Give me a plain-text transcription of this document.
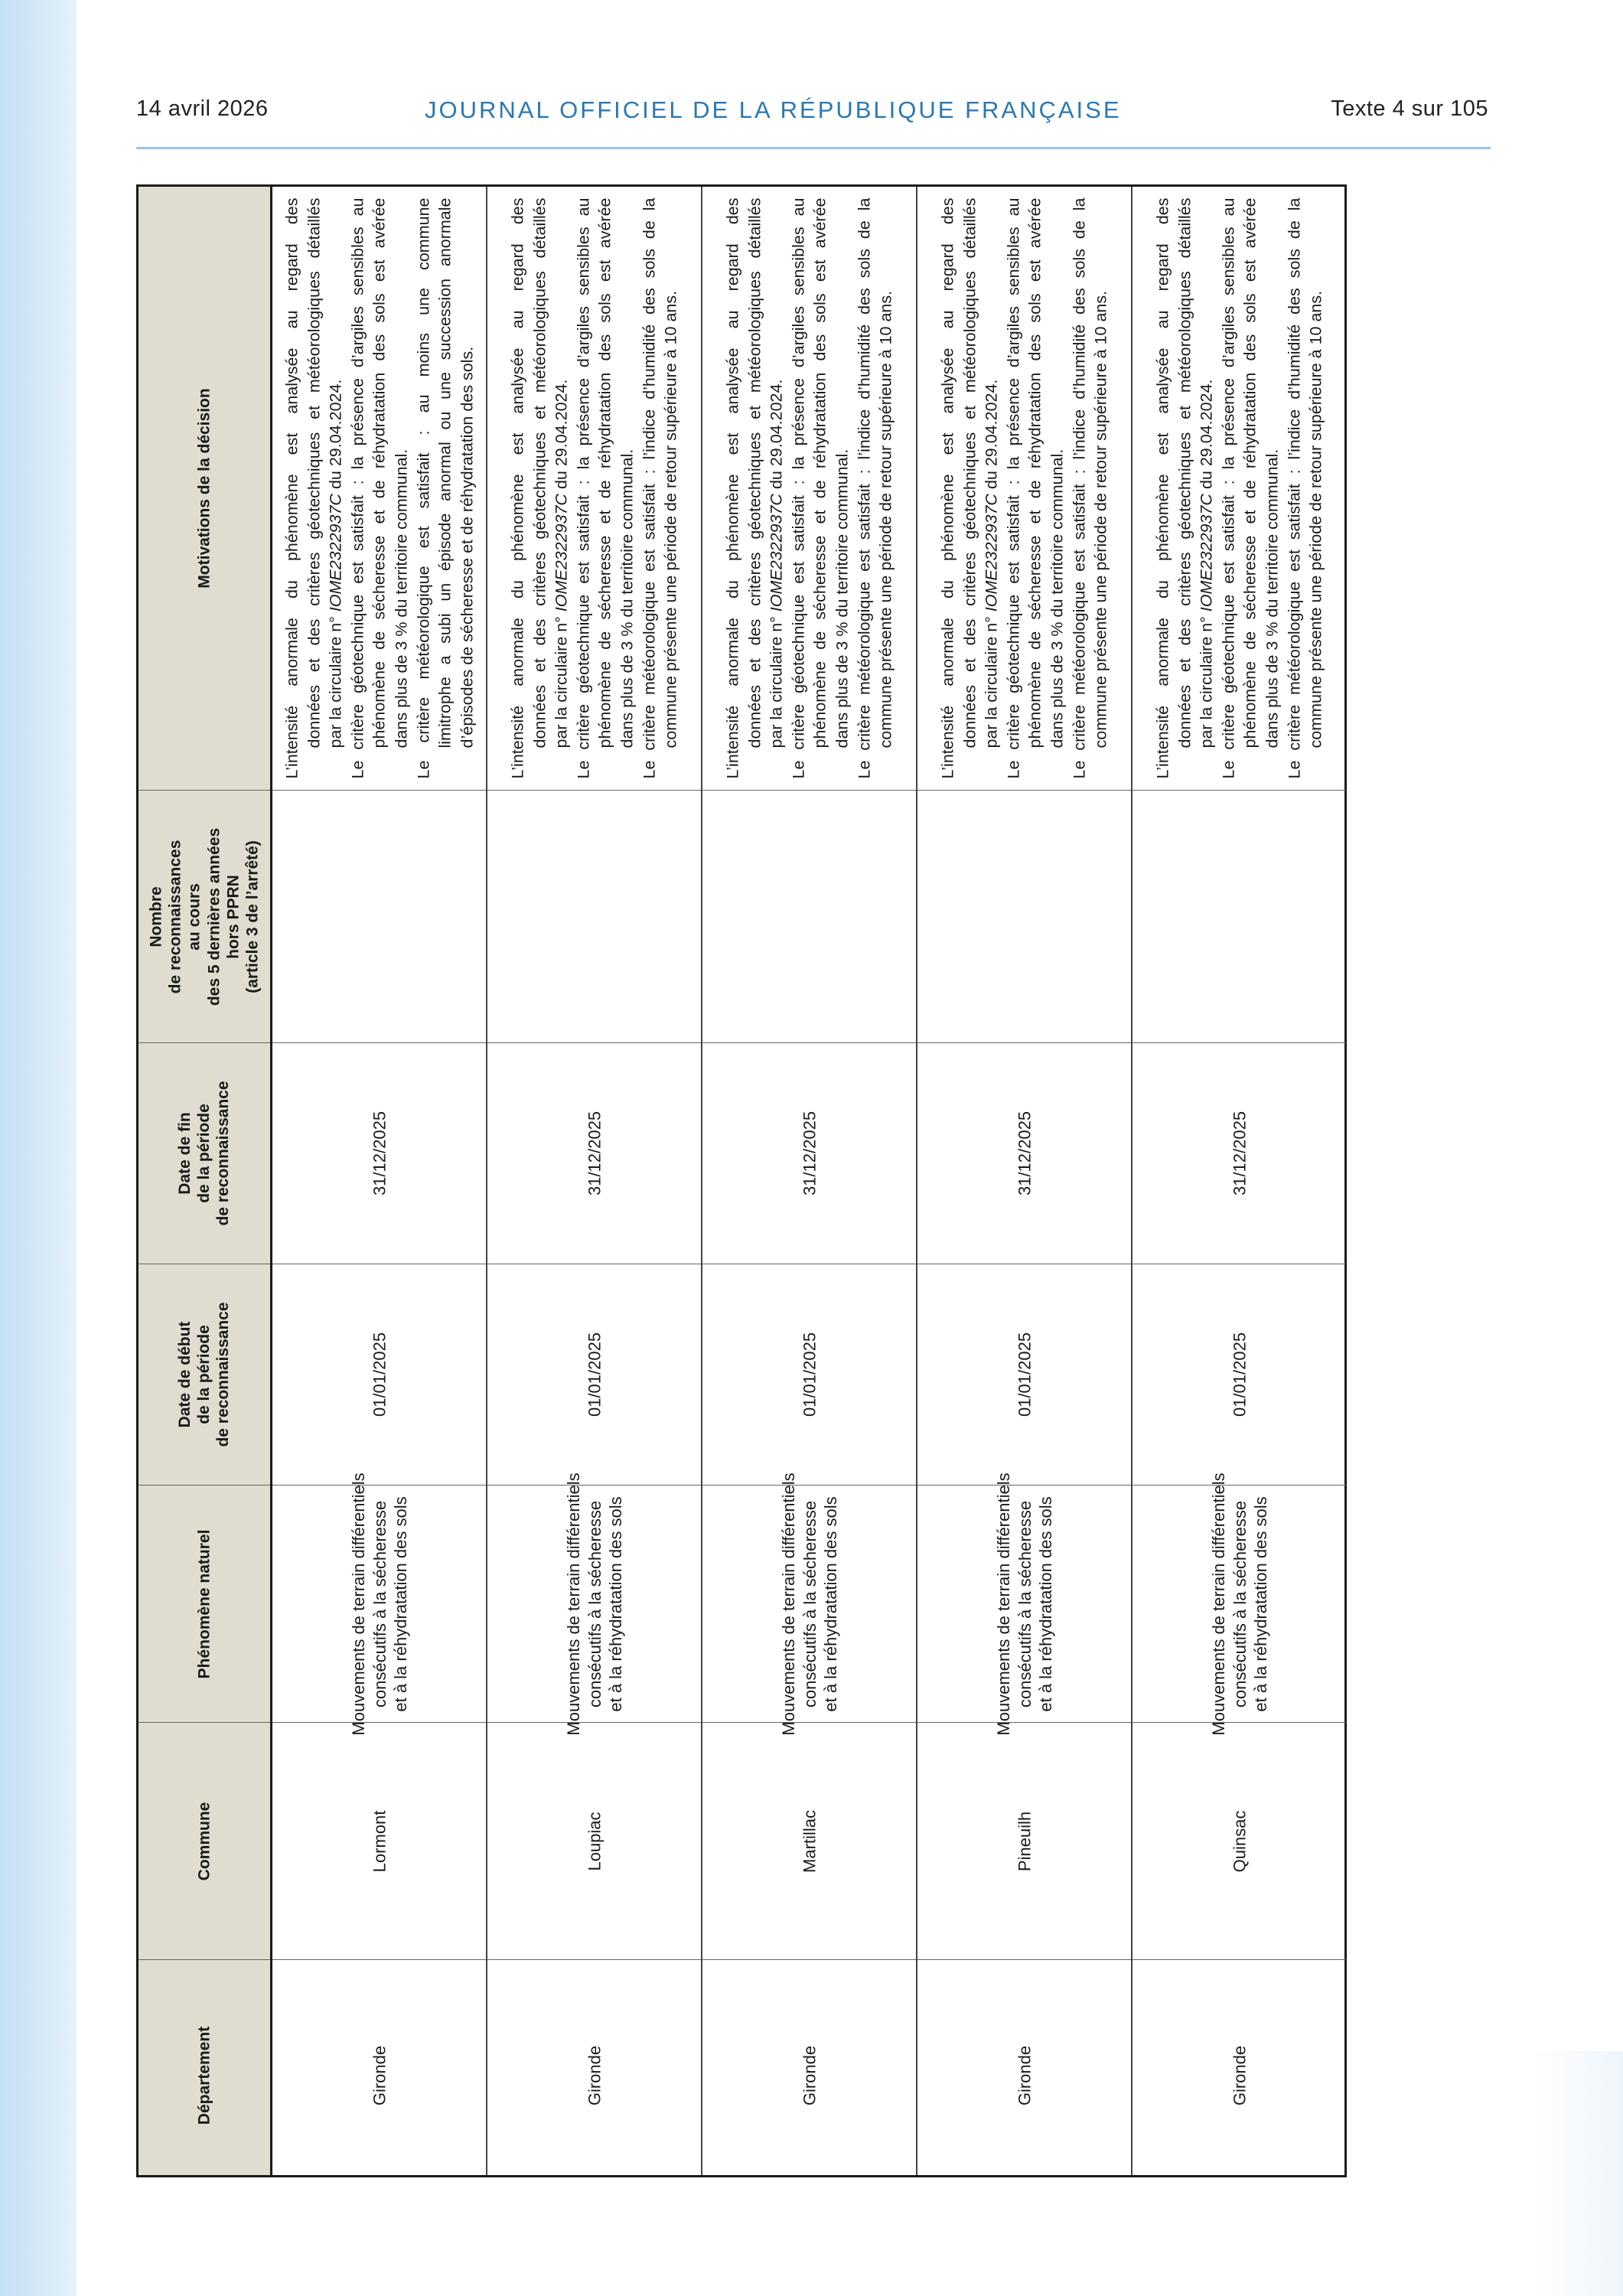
14 avril 2026	JOURNAL OFFICIEL DE LA RÉPUBLIQUE FRANÇAISE	Texte 4 sur 105
Motivations de la décision
Nombre de reconnaissances au cours des 5 dernières années hors PPRN (article 3 de l’arrêté)
Date de fin de la période de reconnaissance
Date de début de la période de reconnaissance
Phénomène naturel
Commune
Département

L’intensité anormale du phénomène est analysée au regard des données et des critères géotechniques et météorologiques détaillés par la circulaire n° IOME2322937C du 29.04.2024. Le critère géotechnique est satisfait : la présence d’argiles sensibles au phénomène de sécheresse et de réhydratation des sols est avérée dans plus de 3 % du territoire communal. Le critère météorologique est satisfait : au moins une commune limitrophe a subi un épisode anormal ou une succession anormale d’épisodes de sécheresse et de réhydratation des sols.

31/12/2025
01/01/2025
Mouvements de terrain différentiels consécutifs à la sécheresse et à la réhydratation des sols
Lormont
Gironde

L’intensité anormale du phénomène est analysée au regard des données et des critères géotechniques et météorologiques détaillés par la circulaire n° IOME2322937C du 29.04.2024. Le critère géotechnique est satisfait : la présence d’argiles sensibles au phénomène de sécheresse et de réhydratation des sols est avérée dans plus de 3 % du territoire communal. Le critère météorologique est satisfait : l’indice d’humidité des sols de la commune présente une période de retour supérieure à 10 ans.

31/12/2025
01/01/2025
Mouvements de terrain différentiels consécutifs à la sécheresse et à la réhydratation des sols
Loupiac
Gironde

L’intensité anormale du phénomène est analysée au regard des données et des critères géotechniques et météorologiques détaillés par la circulaire n° IOME2322937C du 29.04.2024. Le critère géotechnique est satisfait : la présence d’argiles sensibles au phénomène de sécheresse et de réhydratation des sols est avérée dans plus de 3 % du territoire communal. Le critère météorologique est satisfait : l’indice d’humidité des sols de la commune présente une période de retour supérieure à 10 ans.

31/12/2025
01/01/2025
Mouvements de terrain différentiels consécutifs à la sécheresse et à la réhydratation des sols
Martillac
Gironde

L’intensité anormale du phénomène est analysée au regard des données et des critères géotechniques et météorologiques détaillés par la circulaire n° IOME2322937C du 29.04.2024. Le critère géotechnique est satisfait : la présence d’argiles sensibles au phénomène de sécheresse et de réhydratation des sols est avérée dans plus de 3 % du territoire communal. Le critère météorologique est satisfait : l’indice d’humidité des sols de la commune présente une période de retour supérieure à 10 ans.

31/12/2025
01/01/2025
Mouvements de terrain différentiels consécutifs à la sécheresse et à la réhydratation des sols
Pineuilh
Gironde

L’intensité anormale du phénomène est analysée au regard des données et des critères géotechniques et météorologiques détaillés par la circulaire n° IOME2322937C du 29.04.2024. Le critère géotechnique est satisfait : la présence d’argiles sensibles au phénomène de sécheresse et de réhydratation des sols est avérée dans plus de 3 % du territoire communal. Le critère météorologique est satisfait : l’indice d’humidité des sols de la commune présente une période de retour supérieure à 10 ans.

31/12/2025
01/01/2025
Mouvements de terrain différentiels consécutifs à la sécheresse et à la réhydratation des sols
Quinsac
Gironde
